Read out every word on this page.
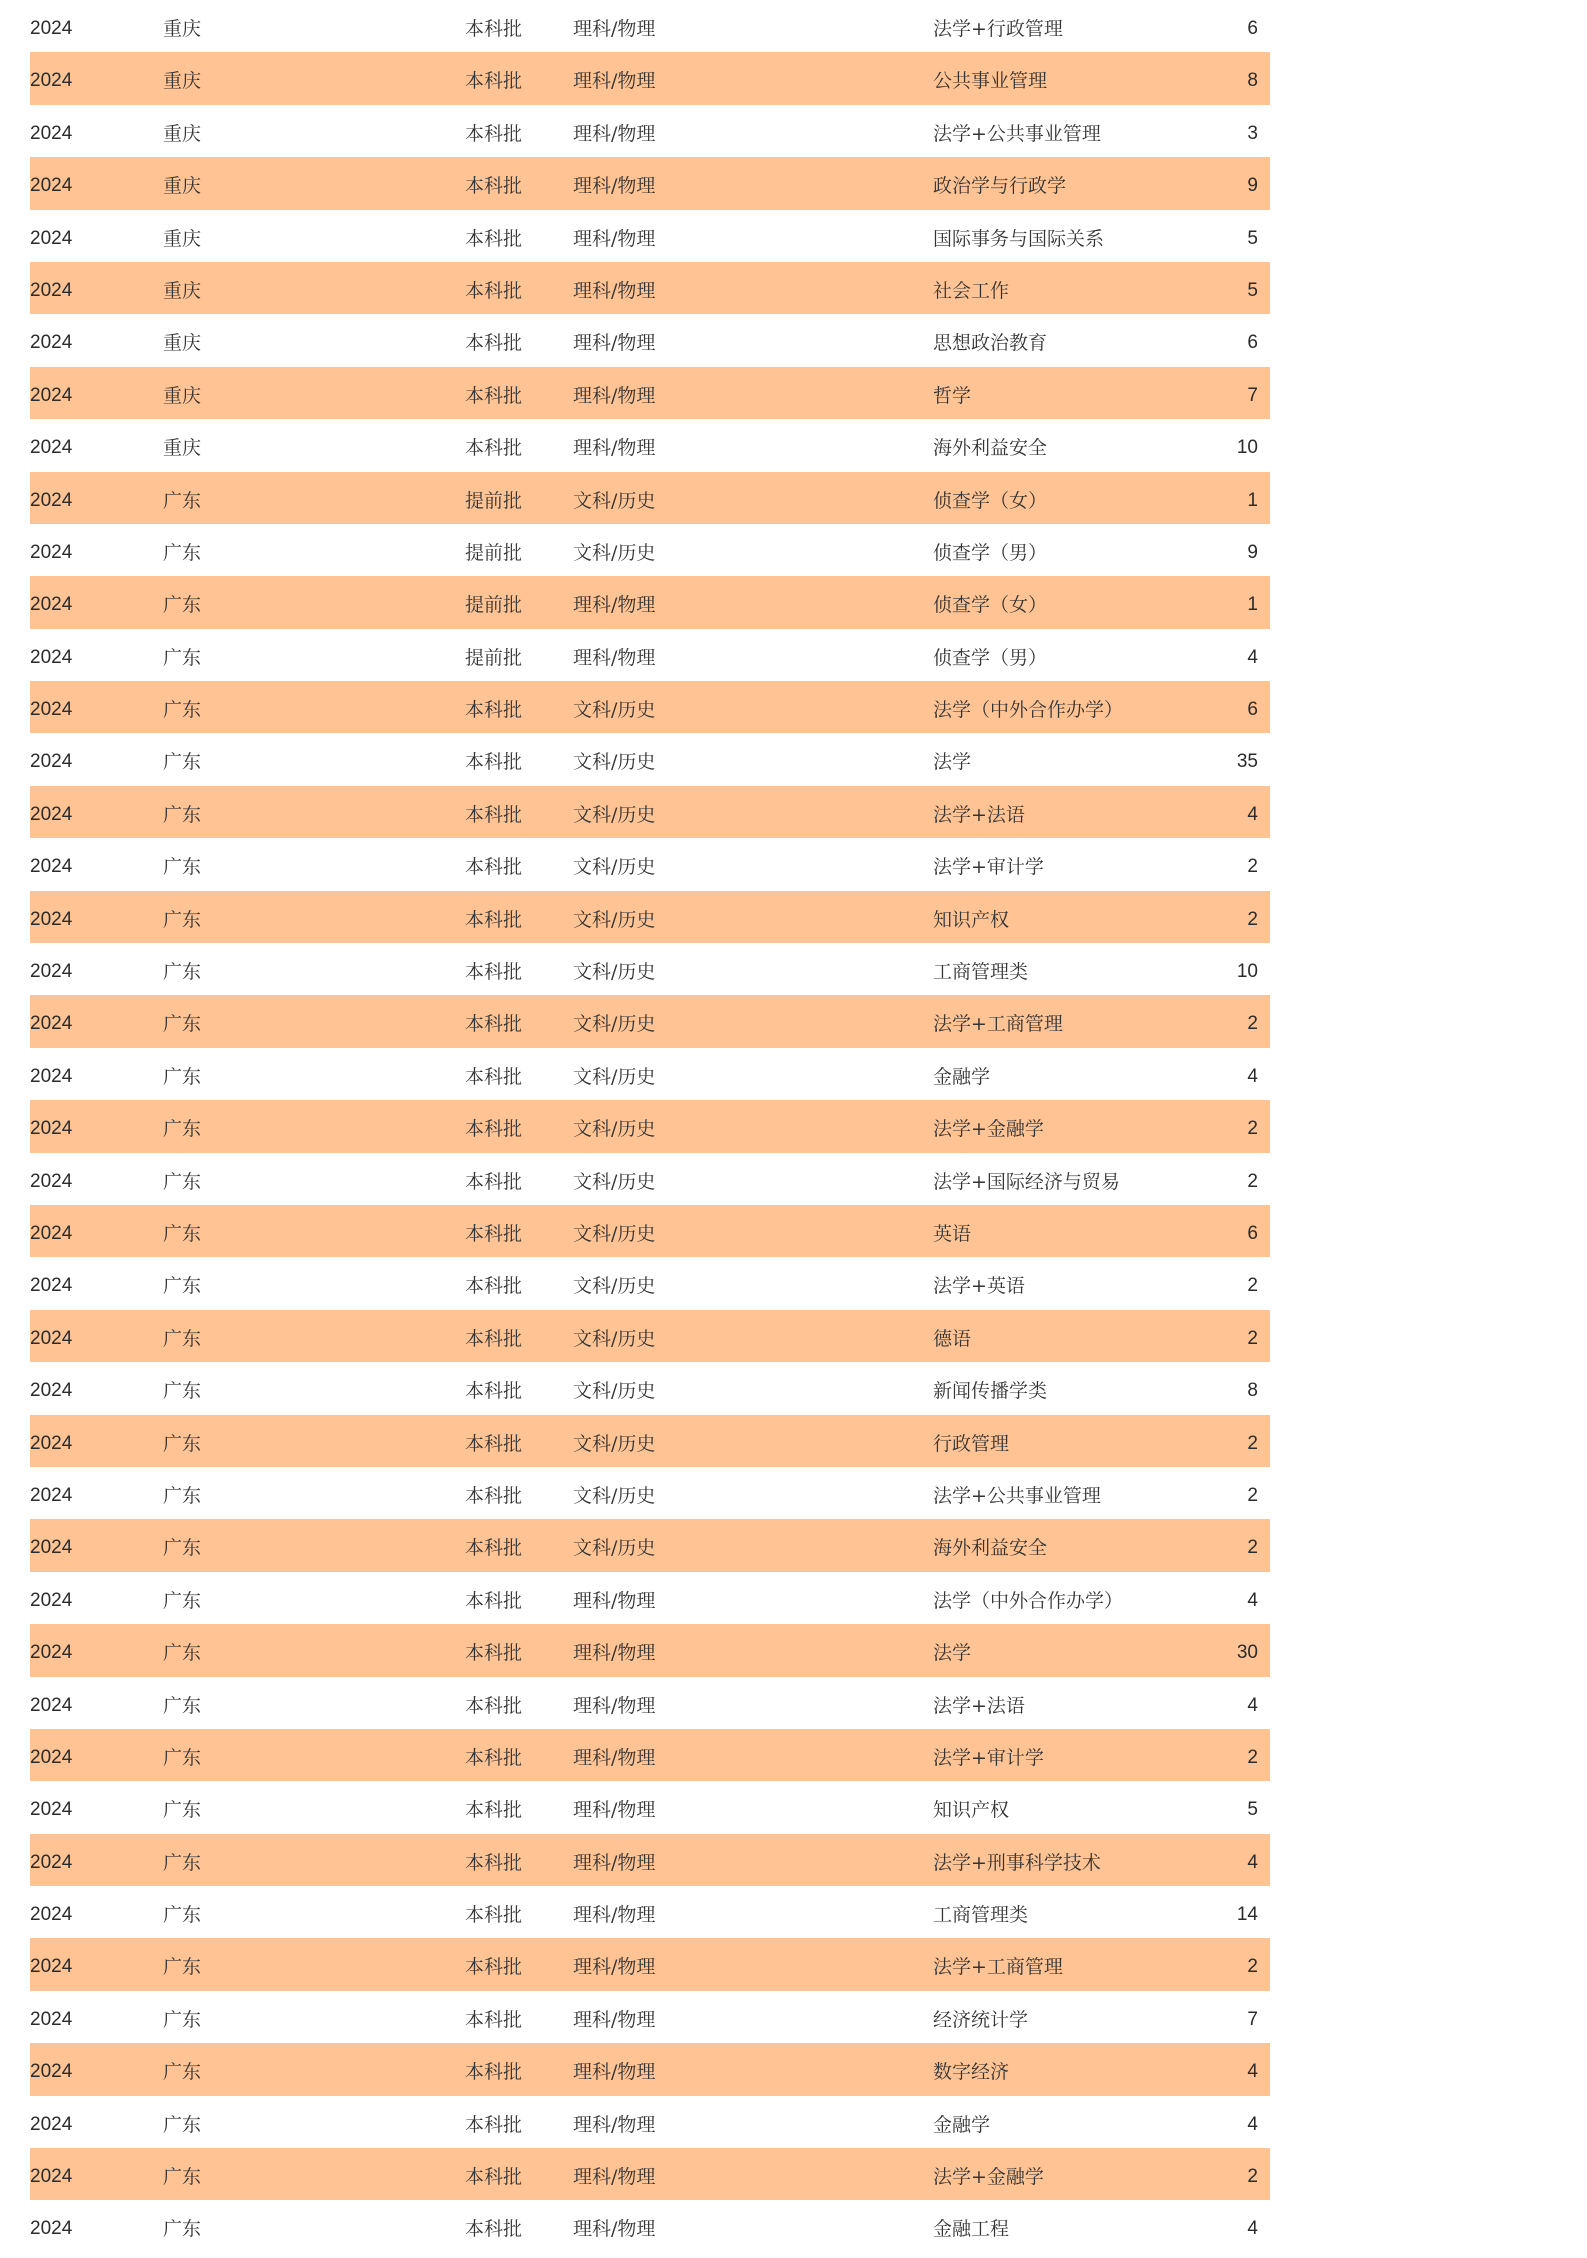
2024	重庆	本科批	理科/物理	法学+行政管理	6
2024	重庆	本科批	理科/物理	公共事业管理	8
2024	重庆	本科批	理科/物理	法学+公共事业管理	3
2024	重庆	本科批	理科/物理	政治学与行政学	9
2024	重庆	本科批	理科/物理	国际事务与国际关系	5
2024	重庆	本科批	理科/物理	社会工作	5
2024	重庆	本科批	理科/物理	思想政治教育	6
2024	重庆	本科批	理科/物理	哲学	7
2024	重庆	本科批	理科/物理	海外利益安全	10
2024	广东	提前批	文科/历史	侦查学（女）	1
2024	广东	提前批	文科/历史	侦查学（男）	9
2024	广东	提前批	理科/物理	侦查学（女）	1
2024	广东	提前批	理科/物理	侦查学（男）	4
2024	广东	本科批	文科/历史	法学（中外合作办学）	6
2024	广东	本科批	文科/历史	法学	35
2024	广东	本科批	文科/历史	法学+法语	4
2024	广东	本科批	文科/历史	法学+审计学	2
2024	广东	本科批	文科/历史	知识产权	2
2024	广东	本科批	文科/历史	工商管理类	10
2024	广东	本科批	文科/历史	法学+工商管理	2
2024	广东	本科批	文科/历史	金融学	4
2024	广东	本科批	文科/历史	法学+金融学	2
2024	广东	本科批	文科/历史	法学+国际经济与贸易	2
2024	广东	本科批	文科/历史	英语	6
2024	广东	本科批	文科/历史	法学+英语	2
2024	广东	本科批	文科/历史	德语	2
2024	广东	本科批	文科/历史	新闻传播学类	8
2024	广东	本科批	文科/历史	行政管理	2
2024	广东	本科批	文科/历史	法学+公共事业管理	2
2024	广东	本科批	文科/历史	海外利益安全	2
2024	广东	本科批	理科/物理	法学（中外合作办学）	4
2024	广东	本科批	理科/物理	法学	30
2024	广东	本科批	理科/物理	法学+法语	4
2024	广东	本科批	理科/物理	法学+审计学	2
2024	广东	本科批	理科/物理	知识产权	5
2024	广东	本科批	理科/物理	法学+刑事科学技术	4
2024	广东	本科批	理科/物理	工商管理类	14
2024	广东	本科批	理科/物理	法学+工商管理	2
2024	广东	本科批	理科/物理	经济统计学	7
2024	广东	本科批	理科/物理	数字经济	4
2024	广东	本科批	理科/物理	金融学	4
2024	广东	本科批	理科/物理	法学+金融学	2
2024	广东	本科批	理科/物理	金融工程	4
